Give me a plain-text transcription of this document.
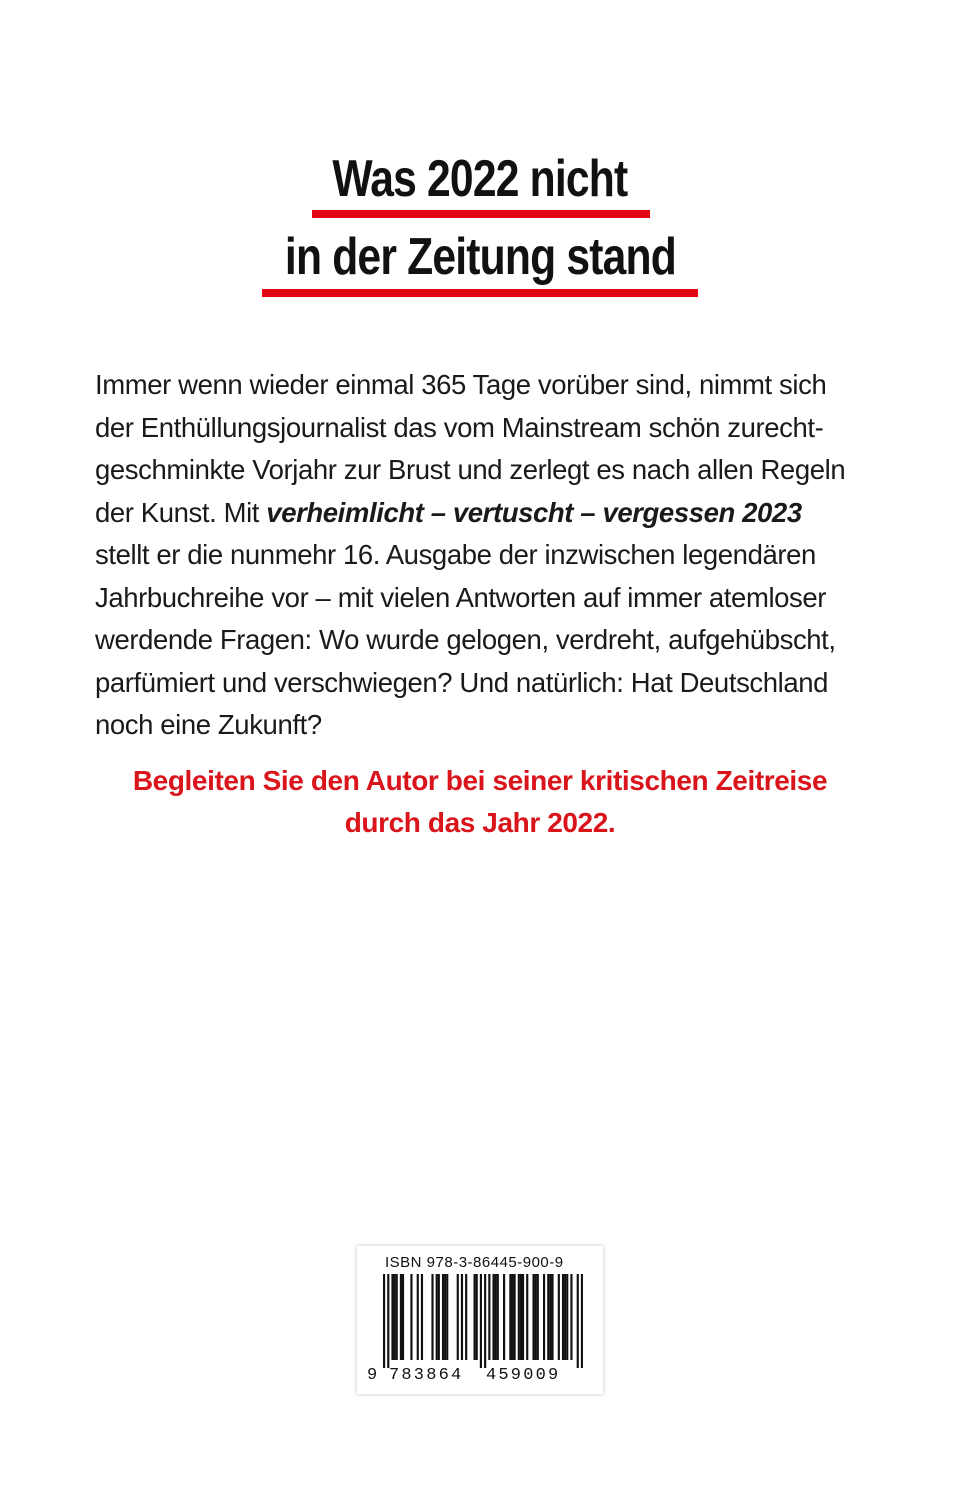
Was 2022 nicht
in der Zeitung stand
Immer wenn wieder einmal 365 Tage vorüber sind, nimmt sich
der Enthüllungsjournalist das vom Mainstream schön zurecht-
geschminkte Vorjahr zur Brust und zerlegt es nach allen Regeln
der Kunst. Mit verheimlicht – vertuscht – vergessen 2023
stellt er die nunmehr 16. Ausgabe der inzwischen legendären
Jahrbuchreihe vor – mit vielen Antworten auf immer atemloser
werdende Fragen: Wo wurde gelogen, verdreht, aufgehübscht,
parfümiert und verschwiegen? Und natürlich: Hat Deutschland
noch eine Zukunft?
Begleiten Sie den Autor bei seiner kritischen Zeitreise
durch das Jahr 2022.
ISBN 978-3-86445-900-9
9 783864 459009
